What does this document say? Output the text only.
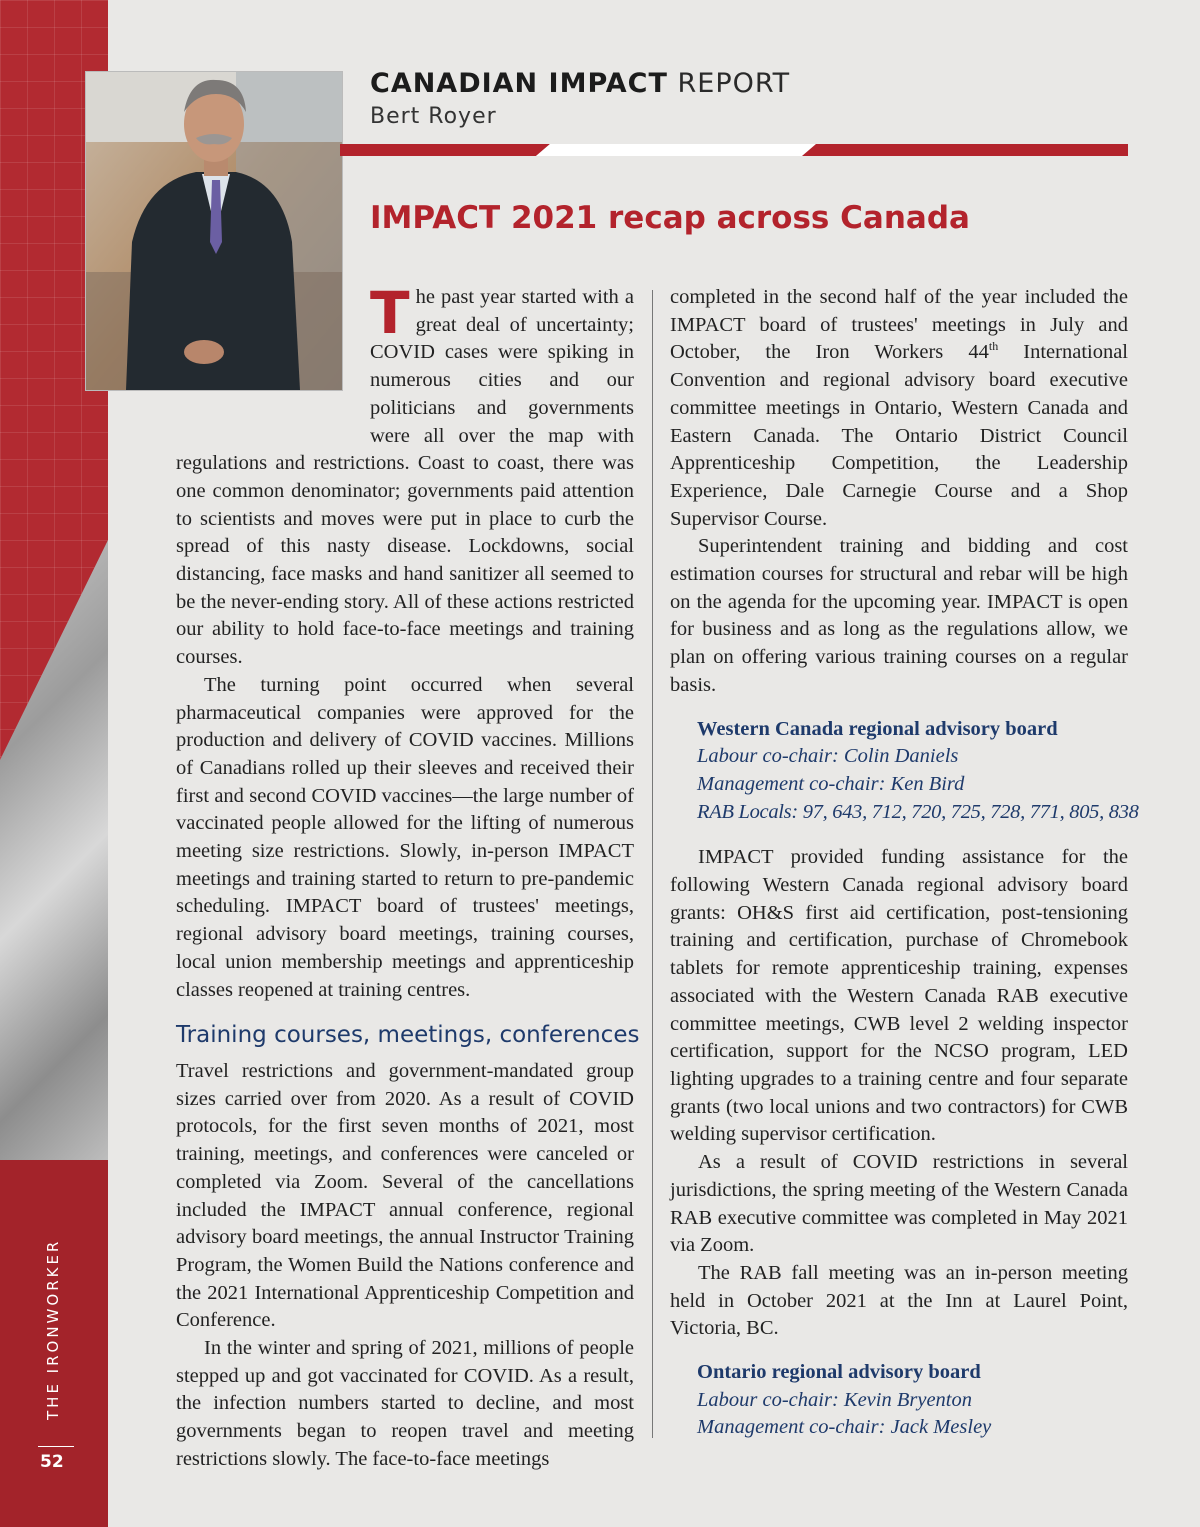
THE IRONWORKER
52
CANADIAN IMPACT REPORT
Bert Royer
IMPACT 2021 recap across Canada

The past year started with a great deal of uncertainty; COVID cases were spiking in numerous cities and our politicians and governments were all over the map with regulations and restrictions. Coast to coast, there was one common denominator; governments paid attention to scientists and moves were put in place to curb the spread of this nasty disease. Lockdowns, social distancing, face masks and hand sanitizer all seemed to be the never-ending story. All of these actions restricted our ability to hold face-to-face meetings and training courses.

The turning point occurred when several pharmaceutical companies were approved for the production and delivery of COVID vaccines. Millions of Canadians rolled up their sleeves and received their first and second COVID vaccines—the large number of vaccinated people allowed for the lifting of numerous meeting size restrictions. Slowly, in-person IMPACT meetings and training started to return to pre-pandemic scheduling. IMPACT board of trustees' meetings, regional advisory board meetings, training courses, local union membership meetings and apprenticeship classes reopened at training centres.

Training courses, meetings, conferences

Travel restrictions and government-mandated group sizes carried over from 2020. As a result of COVID protocols, for the first seven months of 2021, most training, meetings, and conferences were canceled or completed via Zoom. Several of the cancellations included the IMPACT annual conference, regional advisory board meetings, the annual Instructor Training Program, the Women Build the Nations conference and the 2021 International Apprenticeship Competition and Conference.

In the winter and spring of 2021, millions of people stepped up and got vaccinated for COVID. As a result, the infection numbers started to decline, and most governments began to reopen travel and meeting restrictions slowly. The face-to-face meetings

completed in the second half of the year included the IMPACT board of trustees' meetings in July and October, the Iron Workers 44th International Convention and regional advisory board executive committee meetings in Ontario, Western Canada and Eastern Canada. The Ontario District Council Apprenticeship Competition, the Leadership Experience, Dale Carnegie Course and a Shop Supervisor Course.

Superintendent training and bidding and cost estimation courses for structural and rebar will be high on the agenda for the upcoming year. IMPACT is open for business and as long as the regulations allow, we plan on offering various training courses on a regular basis.

Western Canada regional advisory board
Labour co-chair: Colin Daniels
Management co-chair: Ken Bird
RAB Locals: 97, 643, 712, 720, 725, 728, 771, 805, 838

IMPACT provided funding assistance for the following Western Canada regional advisory board grants: OH&S first aid certification, post-tensioning training and certification, purchase of Chromebook tablets for remote apprenticeship training, expenses associated with the Western Canada RAB executive committee meetings, CWB level 2 welding inspector certification, support for the NCSO program, LED lighting upgrades to a training centre and four separate grants (two local unions and two contractors) for CWB welding supervisor certification.

As a result of COVID restrictions in several jurisdictions, the spring meeting of the Western Canada RAB executive committee was completed in May 2021 via Zoom.

The RAB fall meeting was an in-person meeting held in October 2021 at the Inn at Laurel Point, Victoria, BC.

Ontario regional advisory board
Labour co-chair: Kevin Bryenton
Management co-chair: Jack Mesley
